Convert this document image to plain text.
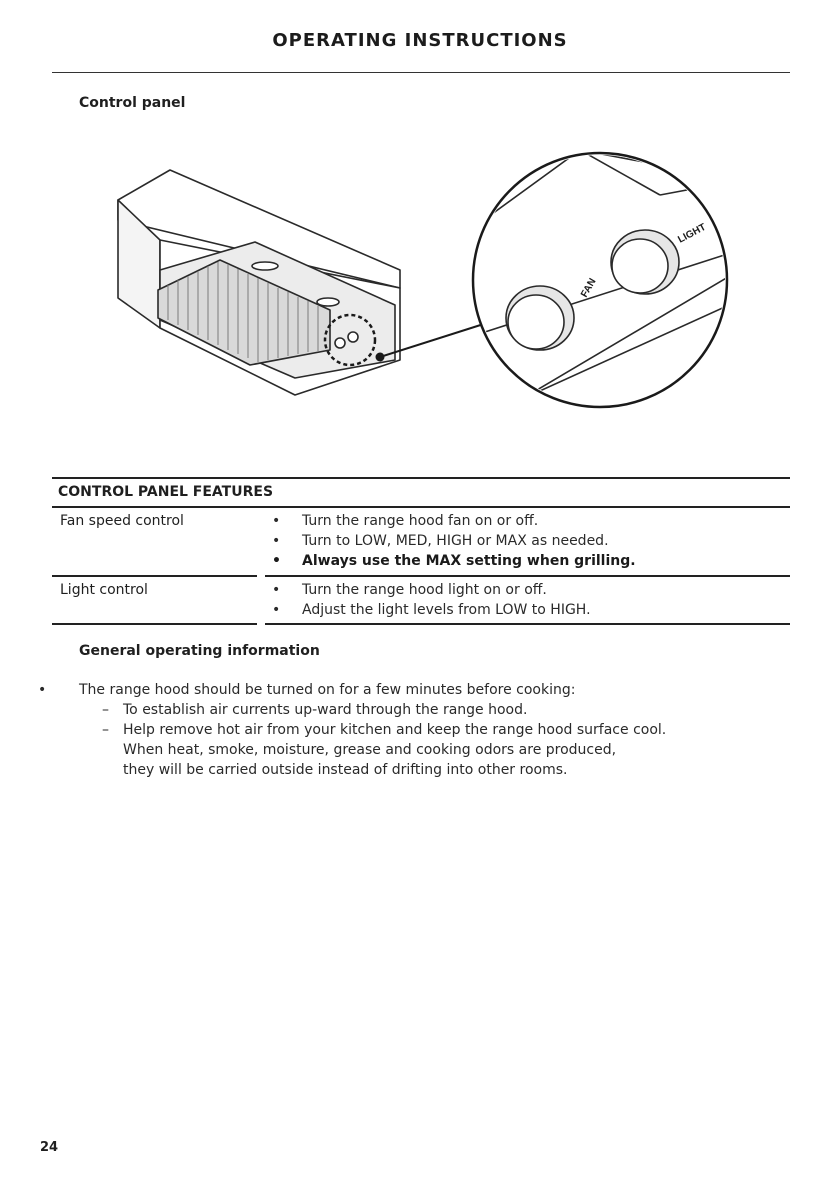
OPERATING INSTRUCTIONS
Control panel
FAN
LIGHT
CONTROL PANEL FEATURES
Fan speed control	• Turn the range hood fan on or off.
• Turn to LOW, MED, HIGH or MAX as needed.
• Always use the MAX setting when grilling.
Light control	• Turn the range hood light on or off.
• Adjust the light levels from LOW to HIGH.
General operating information
• The range hood should be turned on for a few minutes before cooking:
– To establish air currents up-ward through the range hood.
– Help remove hot air from your kitchen and keep the range hood surface cool.
When heat, smoke, moisture, grease and cooking odors are produced,
they will be carried outside instead of drifting into other rooms.
24
